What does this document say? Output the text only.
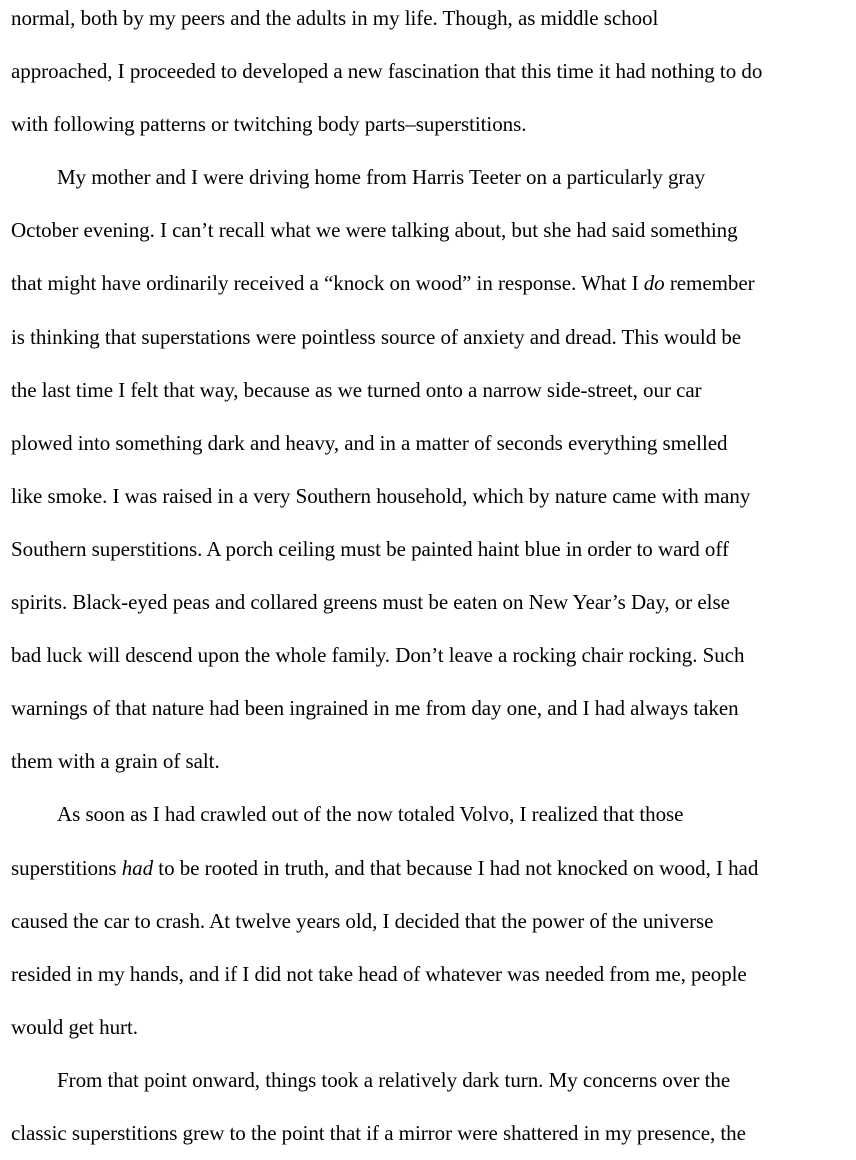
normal, both by my peers and the adults in my life. Though, as middle school
approached, I proceeded to developed a new fascination that this time it had nothing to do
with following patterns or twitching body parts–superstitions.

My mother and I were driving home from Harris Teeter on a particularly gray
October evening. I can’t recall what we were talking about, but she had said something
that might have ordinarily received a “knock on wood” in response. What I do remember
is thinking that superstations were pointless source of anxiety and dread. This would be
the last time I felt that way, because as we turned onto a narrow side-street, our car
plowed into something dark and heavy, and in a matter of seconds everything smelled
like smoke. I was raised in a very Southern household, which by nature came with many
Southern superstitions. A porch ceiling must be painted haint blue in order to ward off
spirits. Black-eyed peas and collared greens must be eaten on New Year’s Day, or else
bad luck will descend upon the whole family. Don’t leave a rocking chair rocking. Such
warnings of that nature had been ingrained in me from day one, and I had always taken
them with a grain of salt.

As soon as I had crawled out of the now totaled Volvo, I realized that those
superstitions had to be rooted in truth, and that because I had not knocked on wood, I had
caused the car to crash. At twelve years old, I decided that the power of the universe
resided in my hands, and if I did not take head of whatever was needed from me, people
would get hurt.

From that point onward, things took a relatively dark turn. My concerns over the
classic superstitions grew to the point that if a mirror were shattered in my presence, the
